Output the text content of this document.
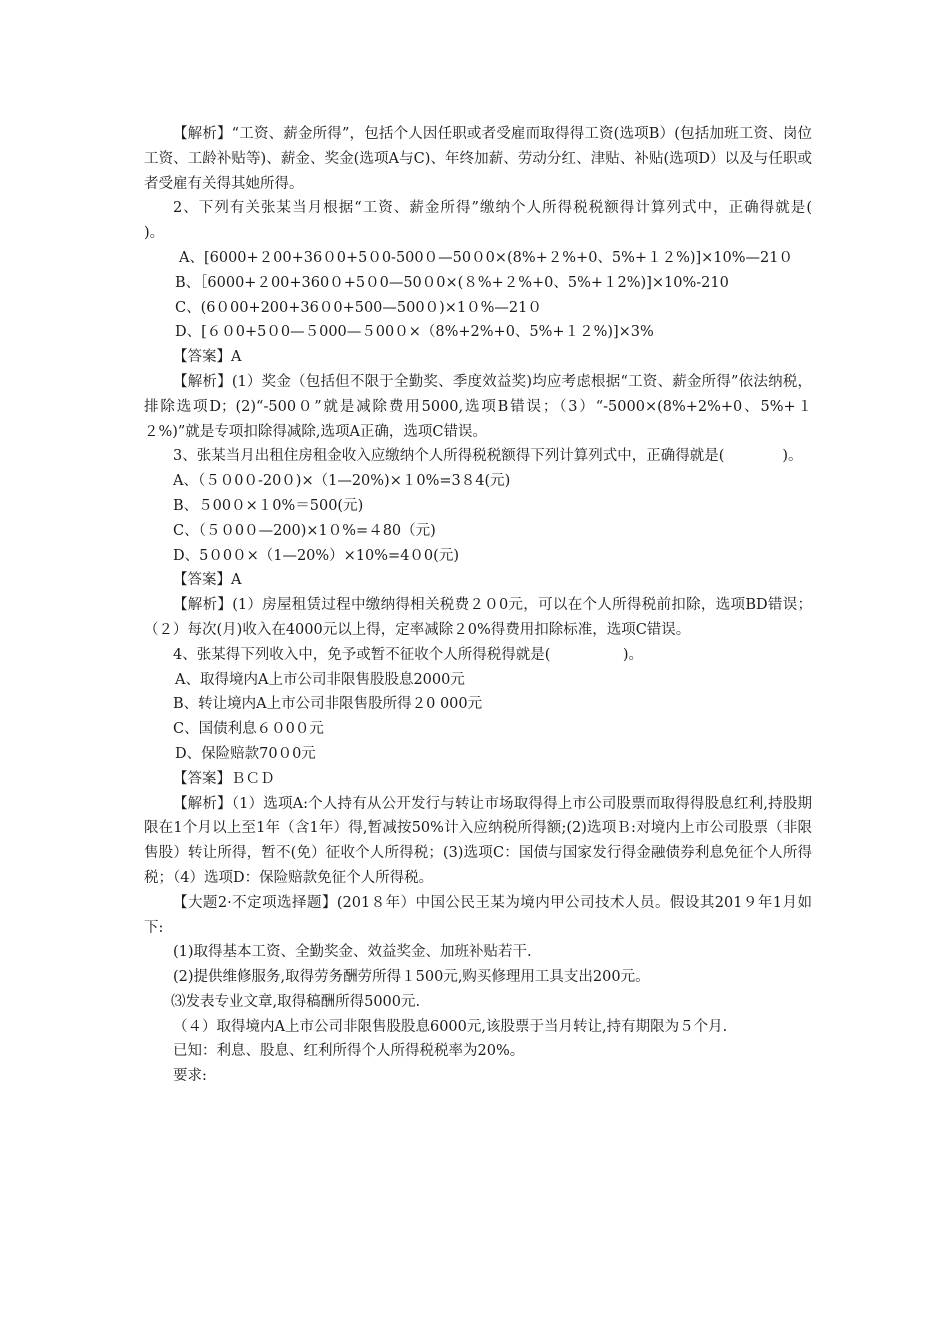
【解析】“工资、薪金所得”，包括个人因任职或者受雇而取得得工资(选项B）(包括加班工资、岗位工资、工龄补贴等)、薪金、奖金(选项A与C)、年终加薪、劳动分红、津贴、补贴(选项D）以及与任职或者受雇有关得其她所得。

2、下列有关张某当月根据“工资、薪金所得”缴纳个人所得税税额得计算列式中，正确得就是(　　　　)。

A、[6000+２00+36０0+5０0-500０—50０0×(8%+２%+0、5%+１２%)]×10%—21０

B、［6000+２00+360０+5０0—50０0×(８%+２%+0、5%+１2%)]×10%-210

C、(6０00+200+36０0+500—500０)×1０%—21０

D、[６０0+5０0—５000—５00０×（8%+2%+0、5%+１２%)]×3%

【答案】A

【解析】(1）奖金（包括但不限于全勤奖、季度效益奖)均应考虑根据“工资、薪金所得”依法纳税，排除选项D；(2)“-500０”就是减除费用5000,选项B错误；（3）“-5000×(8%+2%+0、5%+１２%)”就是专项扣除得减除,选项A正确，选项C错误。

3、张某当月出租住房租金收入应缴纳个人所得税税额得下列计算列式中，正确得就是(　　　　)。

A、（５０0０-20０)×（1—20%)×１0%=3８4(元)

B、５00０×１0%＝500(元)

C、（５０0０—200)×1０%=４80（元)

D、5０0０×（1—20%）×10%=4０0(元)

【答案】A

【解析】(1）房屋租赁过程中缴纳得相关税费２０0元，可以在个人所得税前扣除，选项BD错误；（２）每次(月)收入在4000元以上得，定率减除２0%得费用扣除标准，选项C错误。

4、张某得下列收入中，免予或暂不征收个人所得税得就是(　　　　　)。

A、取得境内A上市公司非限售股股息2000元

B、转让境内A上市公司非限售股所得２0 000元

C、国债利息６０0０元

D、保险赔款70０0元

【答案】ＢＣＤ

【解析】（1）选项A:个人持有从公开发行与转让市场取得得上市公司股票而取得得股息红利,持股期限在1个月以上至1年（含1年）得,暂减按50%计入应纳税所得额;(2)选项Ｂ:对境内上市公司股票（非限售股）转让所得，暂不(免）征收个人所得税；(3)选项C：国债与国家发行得金融债券利息免征个人所得税；（4）选项D：保险赔款免征个人所得税。

【大题2·不定项选择题】(201８年）中国公民王某为境内甲公司技术人员。假设其201９年1月如下:

(1)取得基本工资、全勤奖金、效益奖金、加班补贴若干.

(2)提供维修服务,取得劳务酬劳所得１500元,购买修理用工具支出200元。

⑶发表专业文章,取得稿酬所得5000元.

（４）取得境内A上市公司非限售股股息6000元,该股票于当月转让,持有期限为５个月.

已知：利息、股息、红利所得个人所得税税率为20%。

要求:
